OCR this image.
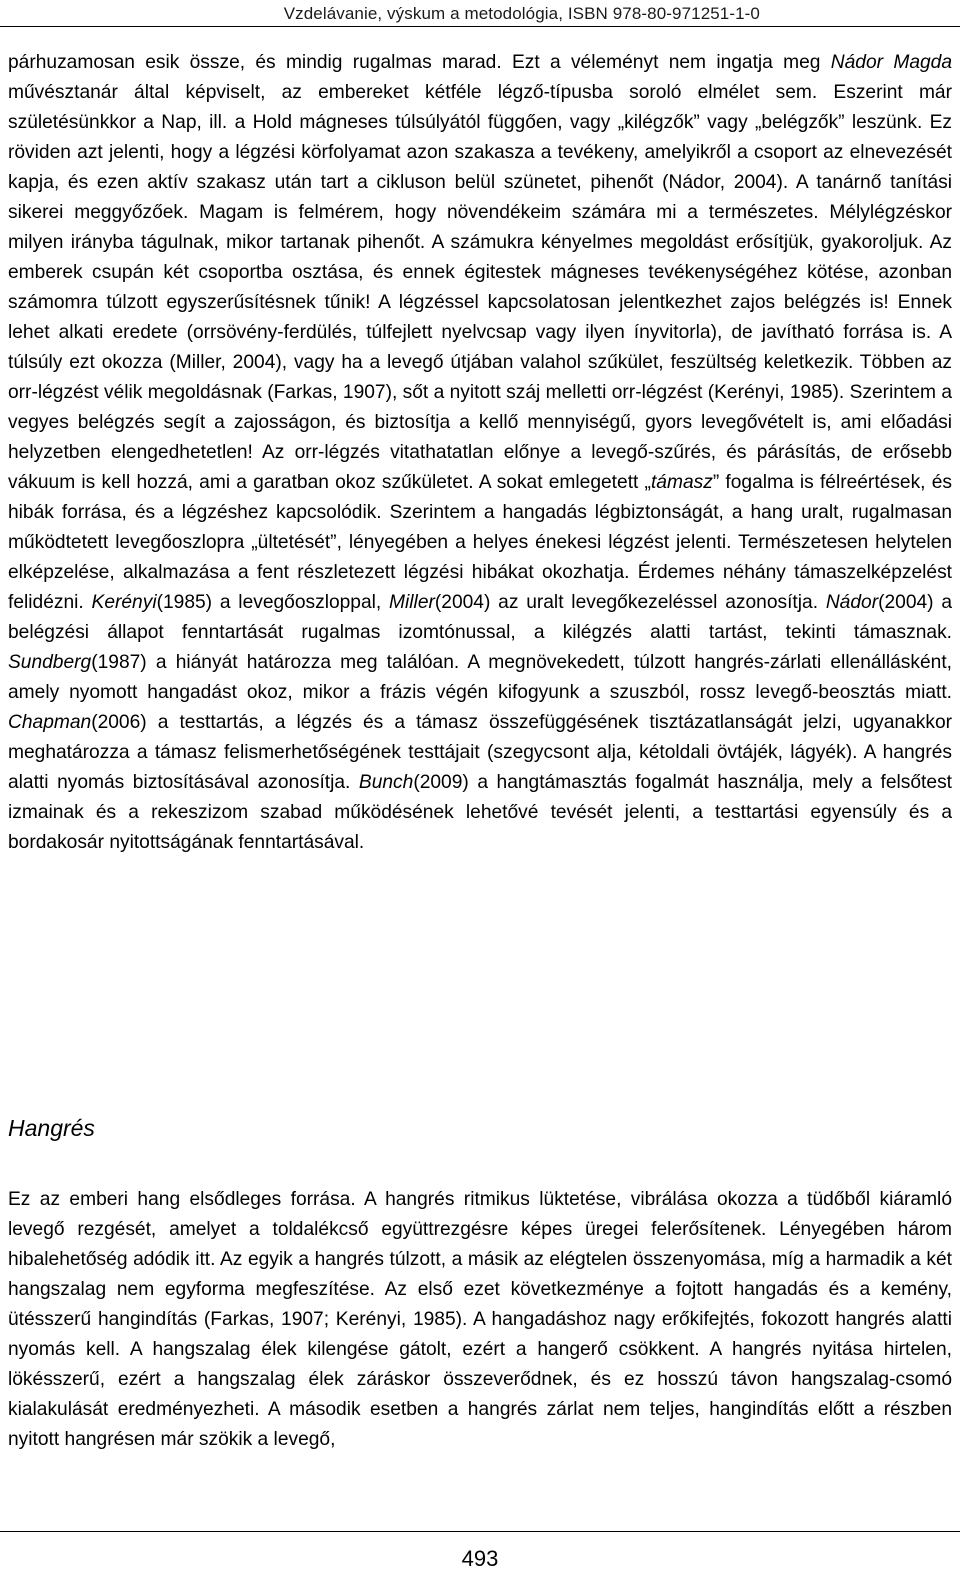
Vzdelávanie, výskum a metodológia, ISBN 978-80-971251-1-0

párhuzamosan esik össze, és mindig rugalmas marad. Ezt a véleményt nem ingatja meg Nádor Magda művésztanár által képviselt, az embereket kétféle légző-típusba soroló elmélet sem. Eszerint már születésünkkor a Nap, ill. a Hold mágneses túlsúlyától függően, vagy „kilégzők” vagy „belégzők” leszünk. Ez röviden azt jelenti, hogy a légzési körfolyamat azon szakasza a tevékeny, amelyikről a csoport az elnevezését kapja, és ezen aktív szakasz után tart a cikluson belül szünetet, pihenőt (Nádor, 2004). A tanárnő tanítási sikerei meggyőzőek. Magam is felmérem, hogy növendékeim számára mi a természetes. Mélylégzéskor milyen irányba tágulnak, mikor tartanak pihenőt. A számukra kényelmes megoldást erősítjük, gyakoroljuk. Az emberek csupán két csoportba osztása, és ennek égitestek mágneses tevékenységéhez kötése, azonban számomra túlzott egyszerűsítésnek tűnik! A légzéssel kapcsolatosan jelentkezhet zajos belégzés is! Ennek lehet alkati eredete (orrsövény-ferdülés, túlfejlett nyelvcsap vagy ilyen ínyvitorla), de javítható forrása is. A túlsúly ezt okozza (Miller, 2004), vagy ha a levegő útjában valahol szűkület, feszültség keletkezik. Többen az orr-légzést vélik megoldásnak (Farkas, 1907), sőt a nyitott száj melletti orr-légzést (Kerényi, 1985). Szerintem a vegyes belégzés segít a zajosságon, és biztosítja a kellő mennyiségű, gyors levegővételt is, ami előadási helyzetben elengedhetetlen! Az orr-légzés vitathatatlan előnye a levegő-szűrés, és párásítás, de erősebb vákuum is kell hozzá, ami a garatban okoz szűkületet. A sokat emlegetett „támasz” fogalma is félreértések, és hibák forrása, és a légzéshez kapcsolódik. Szerintem a hangadás légbiztonságát, a hang uralt, rugalmasan működtetett levegőoszlopra „ültetését”, lényegében a helyes énekesi légzést jelenti. Természetesen helytelen elképzelése, alkalmazása a fent részletezett légzési hibákat okozhatja. Érdemes néhány támaszelképzelést felidézni. Kerényi(1985) a levegőoszloppal, Miller(2004) az uralt levegőkezeléssel azonosítja. Nádor(2004) a belégzési állapot fenntartását rugalmas izomtónussal, a kilégzés alatti tartást, tekinti támasznak. Sundberg(1987) a hiányát határozza meg találóan. A megnövekedett, túlzott hangrés-zárlati ellenállásként, amely nyomott hangadást okoz, mikor a frázis végén kifogyunk a szuszból, rossz levegő-beosztás miatt. Chapman(2006) a testtartás, a légzés és a támasz összefüggésének tisztázatlanságát jelzi, ugyanakkor meghatározza a támasz felismerhetőségének testtájait (szegycsont alja, kétoldali övtájék, lágyék). A hangrés alatti nyomás biztosításával azonosítja. Bunch(2009) a hangtámasztás fogalmát használja, mely a felsőtest izmainak és a rekeszizom szabad működésének lehetővé tevését jelenti, a testtartási egyensúly és a bordakosár nyitottságának fenntartásával.

Hangrés

Ez az emberi hang elsődleges forrása. A hangrés ritmikus lüktetése, vibrálása okozza a tüdőből kiáramló levegő rezgését, amelyet a toldalékcső együttrezgésre képes üregei felerősítenek. Lényegében három hibalehetőség adódik itt. Az egyik a hangrés túlzott, a másik az elégtelen összenyomása, míg a harmadik a két hangszalag nem egyforma megfeszítése. Az első ezet következménye a fojtott hangadás és a kemény, ütésszerű hangindítás (Farkas, 1907; Kerényi, 1985). A hangadáshoz nagy erőkifejtés, fokozott hangrés alatti nyomás kell. A hangszalag élek kilengése gátolt, ezért a hangerő csökkent. A hangrés nyitása hirtelen, lökésszerű, ezért a hangszalag élek záráskor összeverődnek, és ez hosszú távon hangszalag-csomó kialakulását eredményezheti. A második esetben a hangrés zárlat nem teljes, hangindítás előtt a részben nyitott hangrésen már szökik a levegő,

493
